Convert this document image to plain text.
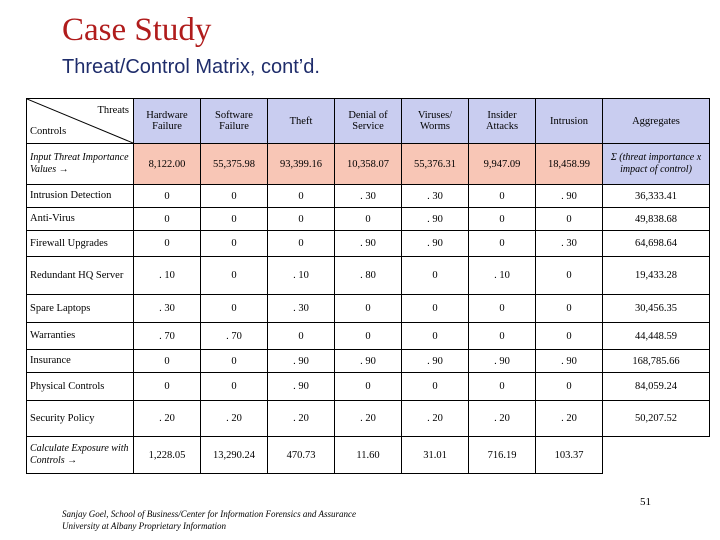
Case Study
Threat/Control Matrix, cont’d.
Threats
Controls	Hardware Failure	Software Failure	Theft	Denial of Service	Viruses/ Worms	Insider Attacks	Intrusion	Aggregates
Input Threat Importance Values →	8,122.00	55,375.98	93,399.16	10,358.07	55,376.31	9,947.09	18,458.99	Σ (threat importance x impact of control)
Intrusion Detection	0	0	0	. 30	. 30	0	. 90	36,333.41
Anti-Virus	0	0	0	0	. 90	0	0	49,838.68
Firewall Upgrades	0	0	0	. 90	. 90	0	. 30	64,698.64
Redundant HQ Server	. 10	0	. 10	. 80	0	. 10	0	19,433.28
Spare Laptops	. 30	0	. 30	0	0	0	0	30,456.35
Warranties	. 70	. 70	0	0	0	0	0	44,448.59
Insurance	0	0	. 90	. 90	. 90	. 90	. 90	168,785.66
Physical Controls	0	0	. 90	0	0	0	0	84,059.24
Security Policy	. 20	. 20	. 20	. 20	. 20	. 20	. 20	50,207.52
Calculate Exposure with Controls →	1,228.05	13,290.24	470.73	11.60	31.01	716.19	103.37	
Sanjay Goel, School of Business/Center for Information Forensics and Assurance
University at Albany Proprietary Information
51
